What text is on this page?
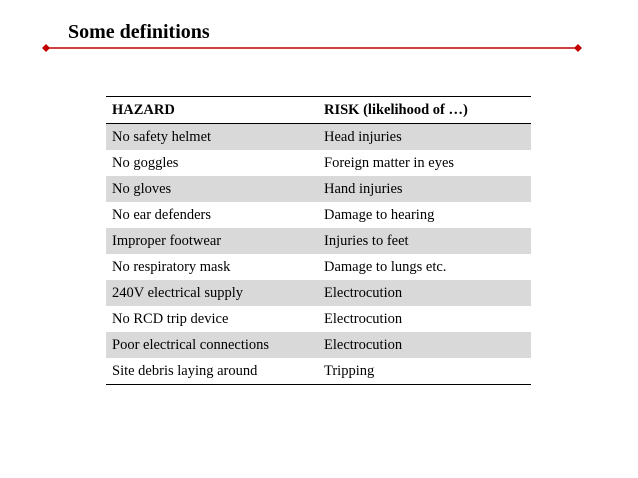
Some definitions
HAZARD	RISK (likelihood of …)
No safety helmet	Head injuries
No goggles	Foreign matter in eyes
No gloves	Hand injuries
No ear defenders	Damage to hearing
Improper footwear	Injuries to feet
No respiratory mask	Damage to lungs etc.
240V electrical supply	Electrocution
No RCD trip device	Electrocution
Poor electrical connections	Electrocution
Site debris laying around	Tripping
